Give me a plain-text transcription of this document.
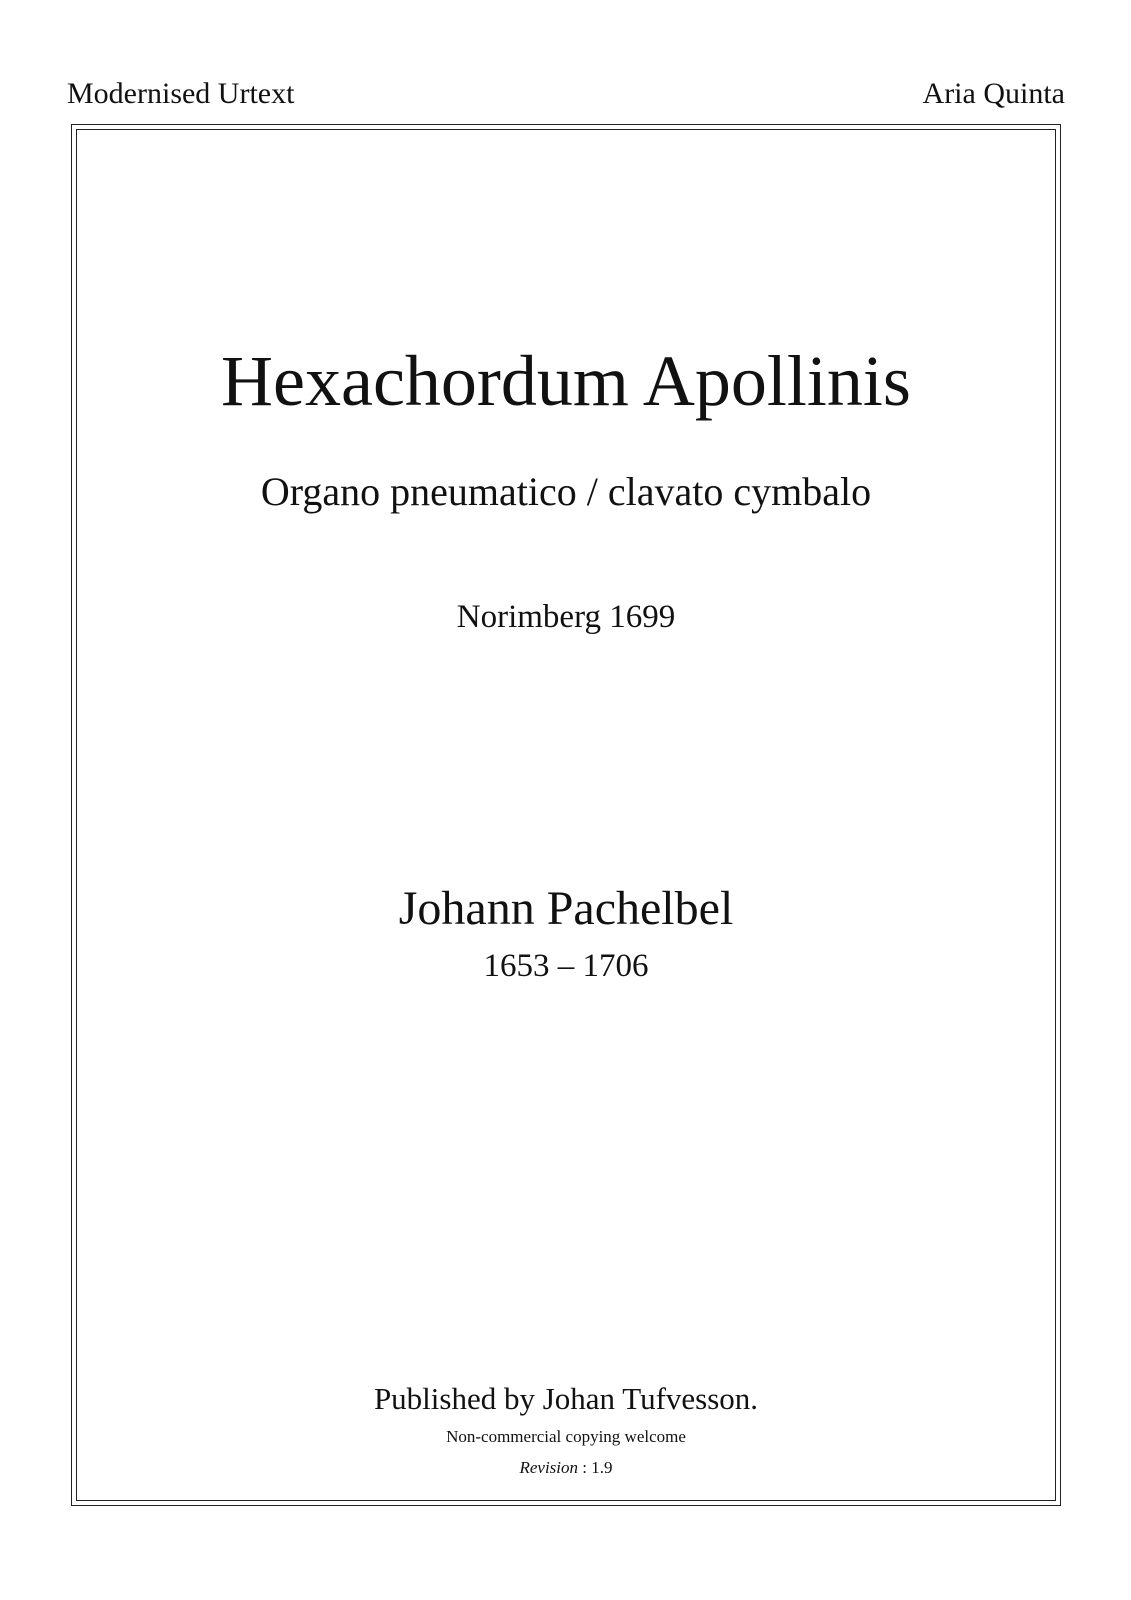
Modernised Urtext	Aria Quinta
Hexachordum Apollinis
Organo pneumatico / clavato cymbalo
Norimberg 1699
Johann Pachelbel
1653 – 1706
Published by Johan Tufvesson.
Non-commercial copying welcome
Revision : 1.9
